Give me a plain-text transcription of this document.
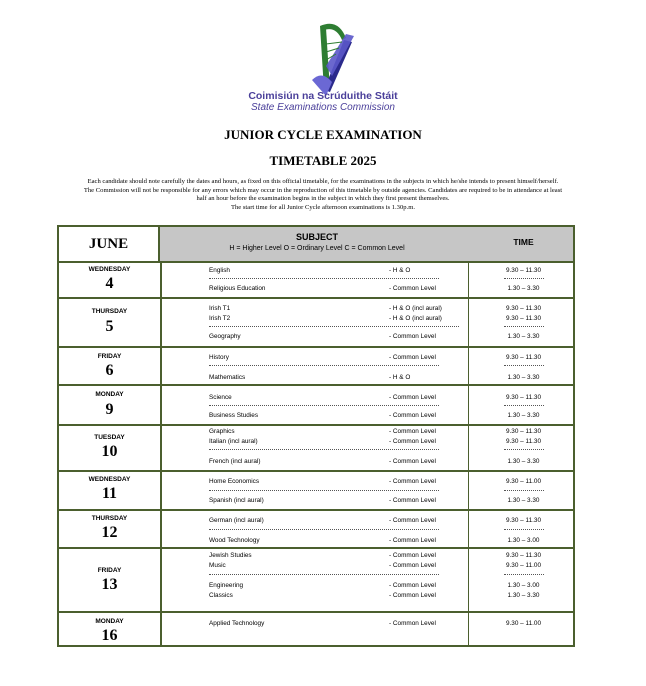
Coimisiún na Scrúduithe Stáit
State Examinations Commission
JUNIOR CYCLE EXAMINATION
TIMETABLE 2025
Each candidate should note carefully the dates and hours, as fixed on this official timetable, for the examinations in the subjects in which he/she intends to present himself/herself.
The Commission will not be responsible for any errors which may occur in the reproduction of this timetable by outside agencies. Candidates are required to be in attendance at least
half an hour before the examination begins in the subject in which they first present themselves.
The start time for all Junior Cycle afternoon examinations is 1.30p.m.
JUNE	SUBJECT
H = Higher Level O = Ordinary Level C = Common Level
TIME
WEDNESDAY
4
English	- H & O	9.30 – 11.30
Religious Education	- Common Level	1.30 – 3.30
THURSDAY
5
Irish T1	- H & O (incl aural)	9.30 – 11.30
Irish T2	- H & O (incl aural)	9.30 – 11.30
Geography	- Common Level	1.30 – 3.30
FRIDAY
6
History	- Common Level	9.30 – 11.30
Mathematics	- H & O	1.30 – 3.30
MONDAY
9
Science	- Common Level	9.30 – 11.30
Business Studies	- Common Level	1.30 – 3.30
TUESDAY
10
Graphics	- Common Level	9.30 – 11.30
Italian (incl aural)	- Common Level	9.30 – 11.30
French (incl aural)	- Common Level	1.30 – 3.30
WEDNESDAY
11
Home Economics	- Common Level	9.30 – 11.00
Spanish (incl aural)	- Common Level	1.30 – 3.30
THURSDAY
12
German (incl aural)	- Common Level	9.30 – 11.30
Wood Technology	- Common Level	1.30 – 3.00
FRIDAY
13
Jewish Studies	- Common Level	9.30 – 11.30
Music	- Common Level	9.30 – 11.00
Engineering	- Common Level	1.30 – 3.00
Classics	- Common Level	1.30 – 3.30
MONDAY
16
Applied Technology	- Common Level	9.30 – 11.00
